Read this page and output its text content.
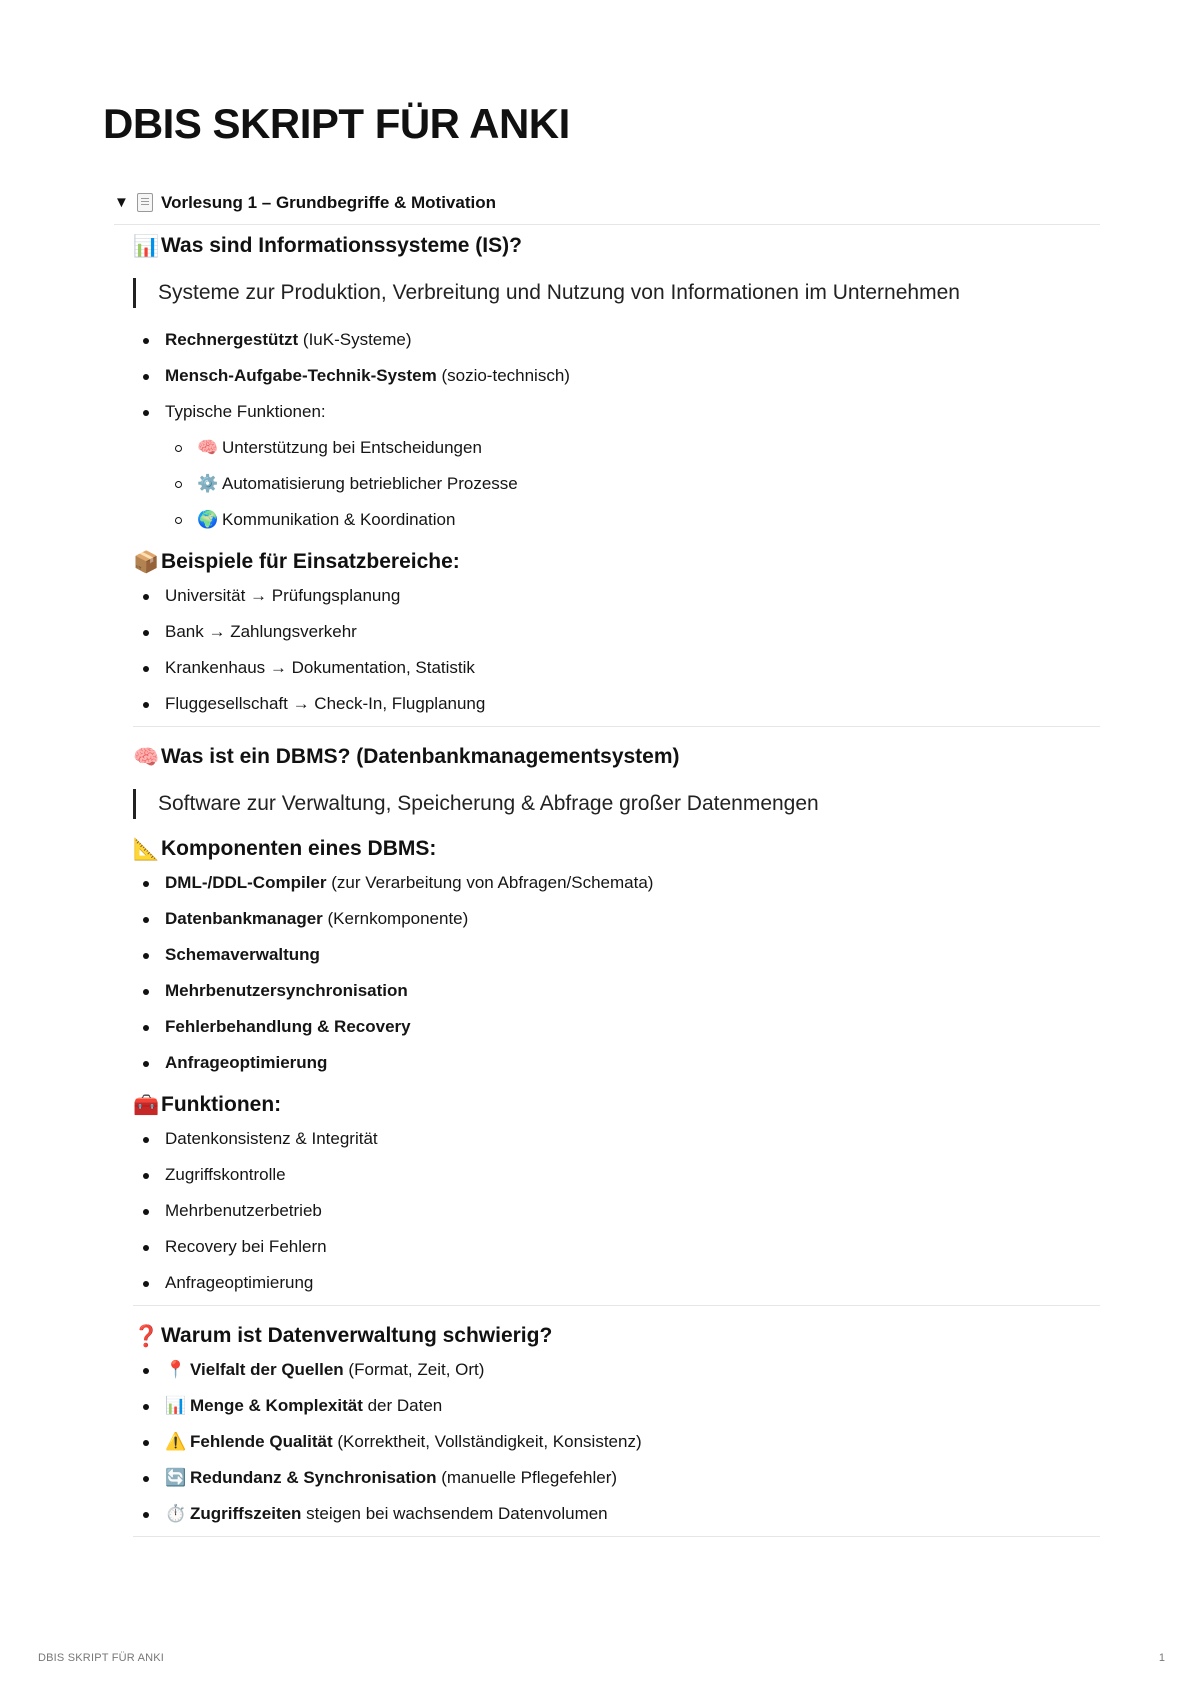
DBIS SKRIPT FÜR ANKI
▼ Vorlesung 1 – Grundbegriffe & Motivation
📊 Was sind Informationssysteme (IS)?
Systeme zur Produktion, Verbreitung und Nutzung von Informationen im Unternehmen
Rechnergestützt (IuK-Systeme)
Mensch-Aufgabe-Technik-System (sozio-technisch)
Typische Funktionen:
🧠 Unterstützung bei Entscheidungen
⚙️ Automatisierung betrieblicher Prozesse
🌍 Kommunikation & Koordination
📦 Beispiele für Einsatzbereiche:
Universität → Prüfungsplanung
Bank → Zahlungsverkehr
Krankenhaus → Dokumentation, Statistik
Fluggesellschaft → Check-In, Flugplanung
🧠 Was ist ein DBMS? (Datenbankmanagementsystem)
Software zur Verwaltung, Speicherung & Abfrage großer Datenmengen
📐 Komponenten eines DBMS:
DML-/DDL-Compiler (zur Verarbeitung von Abfragen/Schemata)
Datenbankmanager (Kernkomponente)
Schemaverwaltung
Mehrbenutzersynchronisation
Fehlerbehandlung & Recovery
Anfrageoptimierung
🧰 Funktionen:
Datenkonsistenz & Integrität
Zugriffskontrolle
Mehrbenutzerbetrieb
Recovery bei Fehlern
Anfrageoptimierung
❓ Warum ist Datenverwaltung schwierig?
📍 Vielfalt der Quellen (Format, Zeit, Ort)
📊 Menge & Komplexität der Daten
⚠️ Fehlende Qualität (Korrektheit, Vollständigkeit, Konsistenz)
🔄 Redundanz & Synchronisation (manuelle Pflegefehler)
⏱️ Zugriffszeiten steigen bei wachsendem Datenvolumen
DBIS SKRIPT FÜR ANKI	1
